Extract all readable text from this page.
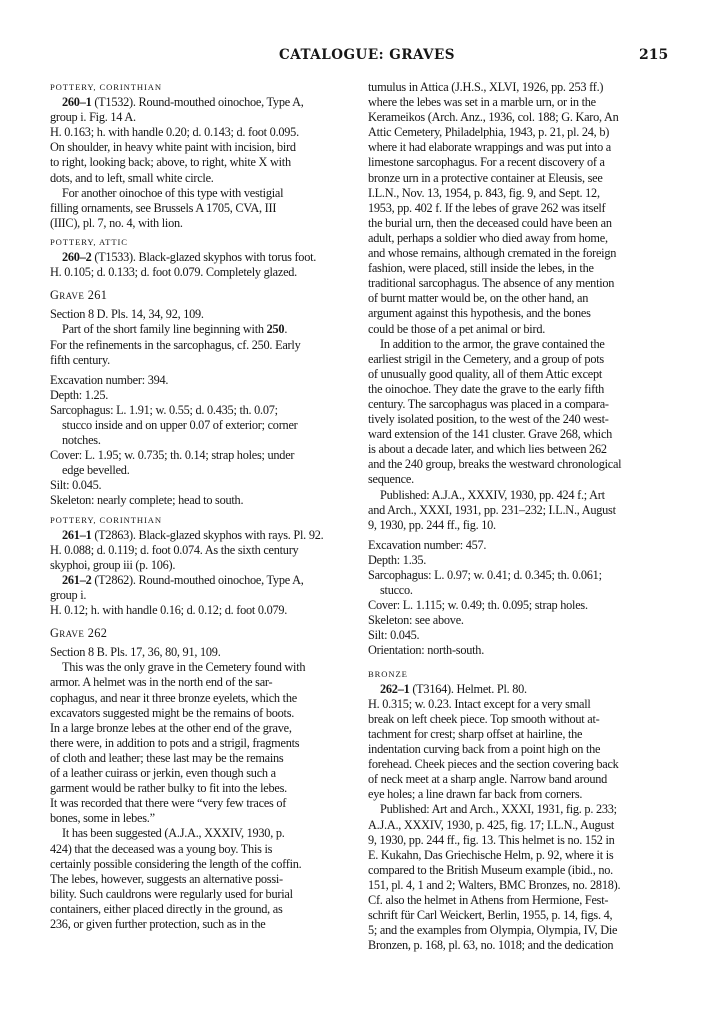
CATALOGUE: GRAVES	215

POTTERY, CORINTHIAN

260–1 (T1532). Round-mouthed oinochoe, Type A,

group i. Fig. 14 A.

H. 0.163; h. with handle 0.20; d. 0.143; d. foot 0.095.

On shoulder, in heavy white paint with incision, bird

to right, looking back; above, to right, white X with

dots, and to left, small white circle.

For another oinochoe of this type with vestigial

filling ornaments, see Brussels A 1705, CVA, III

(IIIC), pl. 7, no. 4, with lion.

POTTERY, ATTIC

260–2 (T1533). Black-glazed skyphos with torus foot.

H. 0.105; d. 0.133; d. foot 0.079. Completely glazed.

Grave 261

Section 8 D. Pls. 14, 34, 92, 109.

Part of the short family line beginning with 250.

For the refinements in the sarcophagus, cf. 250. Early

fifth century.

Excavation number: 394.

Depth: 1.25.

Sarcophagus: L. 1.91; w. 0.55; d. 0.435; th. 0.07;

stucco inside and on upper 0.07 of exterior; corner

notches.

Cover: L. 1.95; w. 0.735; th. 0.14; strap holes; under

edge bevelled.

Silt: 0.045.

Skeleton: nearly complete; head to south.

POTTERY, CORINTHIAN

261–1 (T2863). Black-glazed skyphos with rays. Pl. 92.

H. 0.088; d. 0.119; d. foot 0.074. As the sixth century

skyphoi, group iii (p. 106).

261–2 (T2862). Round-mouthed oinochoe, Type A,

group i.

H. 0.12; h. with handle 0.16; d. 0.12; d. foot 0.079.

Grave 262

Section 8 B. Pls. 17, 36, 80, 91, 109.

This was the only grave in the Cemetery found with

armor. A helmet was in the north end of the sar-

cophagus, and near it three bronze eyelets, which the

excavators suggested might be the remains of boots.

In a large bronze lebes at the other end of the grave,

there were, in addition to pots and a strigil, fragments

of cloth and leather; these last may be the remains

of a leather cuirass or jerkin, even though such a

garment would be rather bulky to fit into the lebes.

It was recorded that there were “very few traces of

bones, some in lebes.”

It has been suggested (A.J.A., XXXIV, 1930, p.

424) that the deceased was a young boy. This is

certainly possible considering the length of the coffin.

The lebes, however, suggests an alternative possi-

bility. Such cauldrons were regularly used for burial

containers, either placed directly in the ground, as

236, or given further protection, such as in the

tumulus in Attica (J.H.S., XLVI, 1926, pp. 253 ff.)

where the lebes was set in a marble urn, or in the

Kerameikos (Arch. Anz., 1936, col. 188; G. Karo, An

Attic Cemetery, Philadelphia, 1943, p. 21, pl. 24, b)

where it had elaborate wrappings and was put into a

limestone sarcophagus. For a recent discovery of a

bronze urn in a protective container at Eleusis, see

I.L.N., Nov. 13, 1954, p. 843, fig. 9, and Sept. 12,

1953, pp. 402 f. If the lebes of grave 262 was itself

the burial urn, then the deceased could have been an

adult, perhaps a soldier who died away from home,

and whose remains, although cremated in the foreign

fashion, were placed, still inside the lebes, in the

traditional sarcophagus. The absence of any mention

of burnt matter would be, on the other hand, an

argument against this hypothesis, and the bones

could be those of a pet animal or bird.

In addition to the armor, the grave contained the

earliest strigil in the Cemetery, and a group of pots

of unusually good quality, all of them Attic except

the oinochoe. They date the grave to the early fifth

century. The sarcophagus was placed in a compara-

tively isolated position, to the west of the 240 west-

ward extension of the 141 cluster. Grave 268, which

is about a decade later, and which lies between 262

and the 240 group, breaks the westward chronological

sequence.

Published: A.J.A., XXXIV, 1930, pp. 424 f.; Art

and Arch., XXXI, 1931, pp. 231–232; I.L.N., August

9, 1930, pp. 244 ff., fig. 10.

Excavation number: 457.

Depth: 1.35.

Sarcophagus: L. 0.97; w. 0.41; d. 0.345; th. 0.061;

stucco.

Cover: L. 1.115; w. 0.49; th. 0.095; strap holes.

Skeleton: see above.

Silt: 0.045.

Orientation: north-south.

BRONZE

262–1 (T3164). Helmet. Pl. 80.

H. 0.315; w. 0.23. Intact except for a very small

break on left cheek piece. Top smooth without at-

tachment for crest; sharp offset at hairline, the

indentation curving back from a point high on the

forehead. Cheek pieces and the section covering back

of neck meet at a sharp angle. Narrow band around

eye holes; a line drawn far back from corners.

Published: Art and Arch., XXXI, 1931, fig. p. 233;

A.J.A., XXXIV, 1930, p. 425, fig. 17; I.L.N., August

9, 1930, pp. 244 ff., fig. 13. This helmet is no. 152 in

E. Kukahn, Das Griechische Helm, p. 92, where it is

compared to the British Museum example (ibid., no.

151, pl. 4, 1 and 2; Walters, BMC Bronzes, no. 2818).

Cf. also the helmet in Athens from Hermione, Fest-

schrift für Carl Weickert, Berlin, 1955, p. 14, figs. 4,

5; and the examples from Olympia, Olympia, IV, Die

Bronzen, p. 168, pl. 63, no. 1018; and the dedication
